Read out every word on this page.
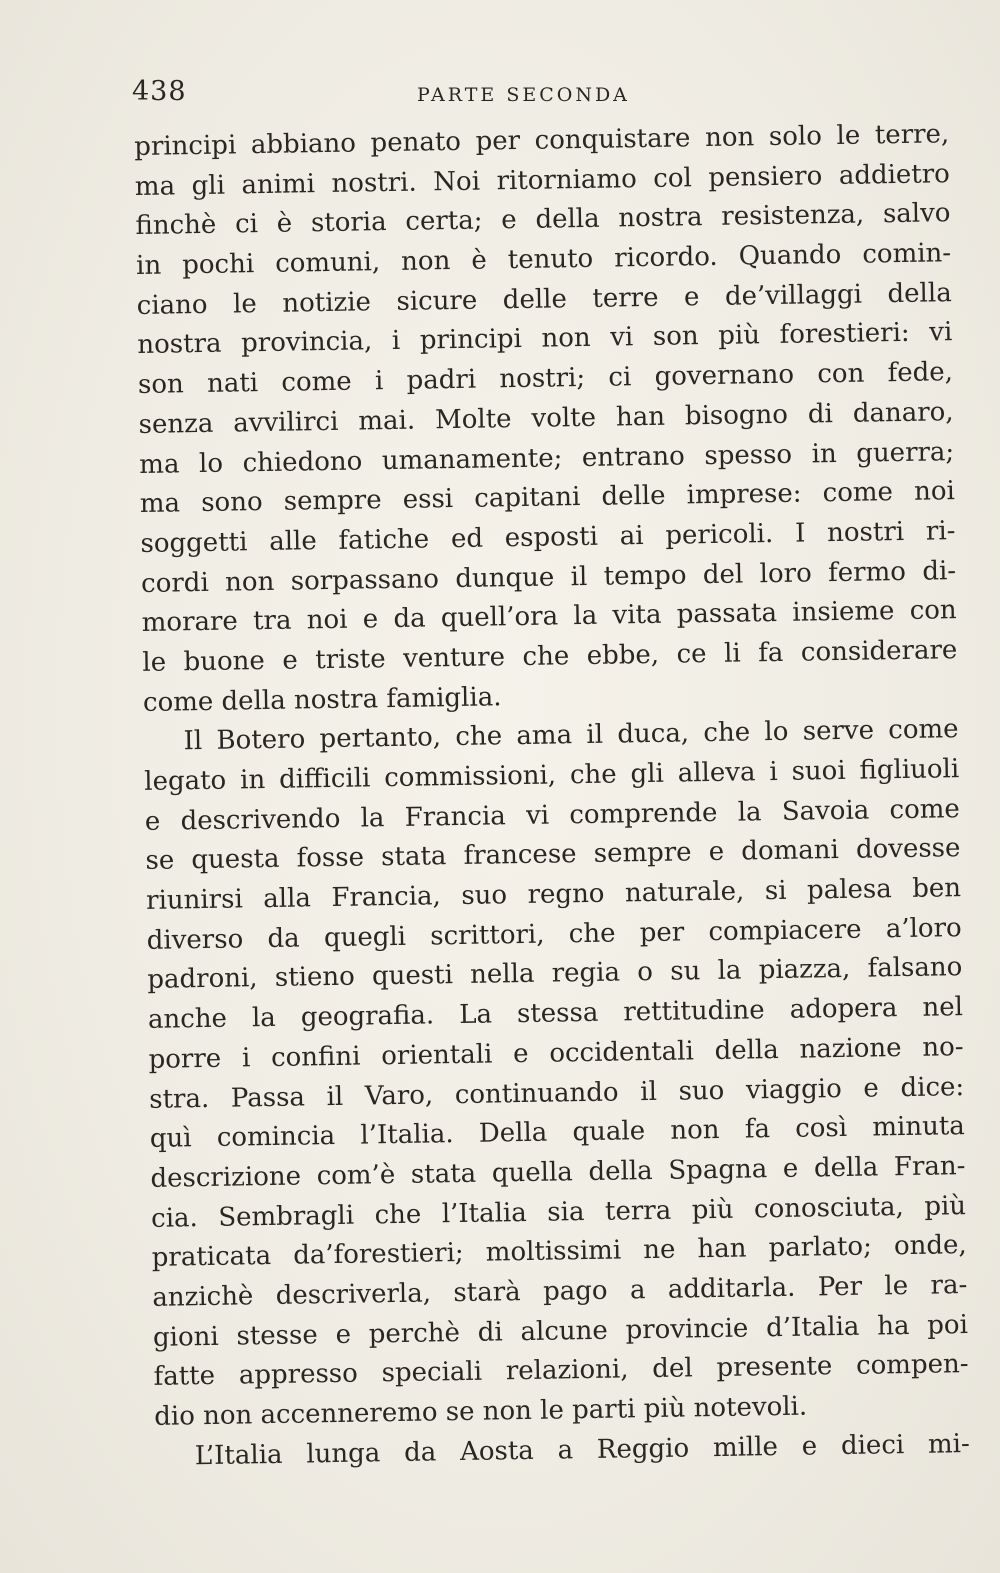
438	PARTE SECONDA
principi abbiano penato per conquistare non solo le terre,
ma gli animi nostri. Noi ritorniamo col pensiero addietro
finchè ci è storia certa; e della nostra resistenza, salvo
in pochi comuni, non è tenuto ricordo. Quando comin-
ciano le notizie sicure delle terre e de’villaggi della
nostra provincia, i principi non vi son più forestieri: vi
son nati come i padri nostri; ci governano con fede,
senza avvilirci mai. Molte volte han bisogno di danaro,
ma lo chiedono umanamente; entrano spesso in guerra;
ma sono sempre essi capitani delle imprese: come noi
soggetti alle fatiche ed esposti ai pericoli. I nostri ri-
cordi non sorpassano dunque il tempo del loro fermo di-
morare tra noi e da quell’ora la vita passata insieme con
le buone e triste venture che ebbe, ce li fa considerare
come della nostra famiglia.
Il Botero pertanto, che ama il duca, che lo serve come
legato in difficili commissioni, che gli alleva i suoi figliuoli
e descrivendo la Francia vi comprende la Savoia come
se questa fosse stata francese sempre e domani dovesse
riunirsi alla Francia, suo regno naturale, si palesa ben
diverso da quegli scrittori, che per compiacere a’loro
padroni, stieno questi nella regia o su la piazza, falsano
anche la geografia. La stessa rettitudine adopera nel
porre i confini orientali e occidentali della nazione no-
stra. Passa il Varo, continuando il suo viaggio e dice:
quì comincia l’Italia. Della quale non fa così minuta
descrizione com’è stata quella della Spagna e della Fran-
cia. Sembragli che l’Italia sia terra più conosciuta, più
praticata da’forestieri; moltissimi ne han parlato; onde,
anzichè descriverla, starà pago a additarla. Per le ra-
gioni stesse e perchè di alcune provincie d’Italia ha poi
fatte appresso speciali relazioni, del presente compen-
dio non accenneremo se non le parti più notevoli.
L’Italia lunga da Aosta a Reggio mille e dieci mi-
